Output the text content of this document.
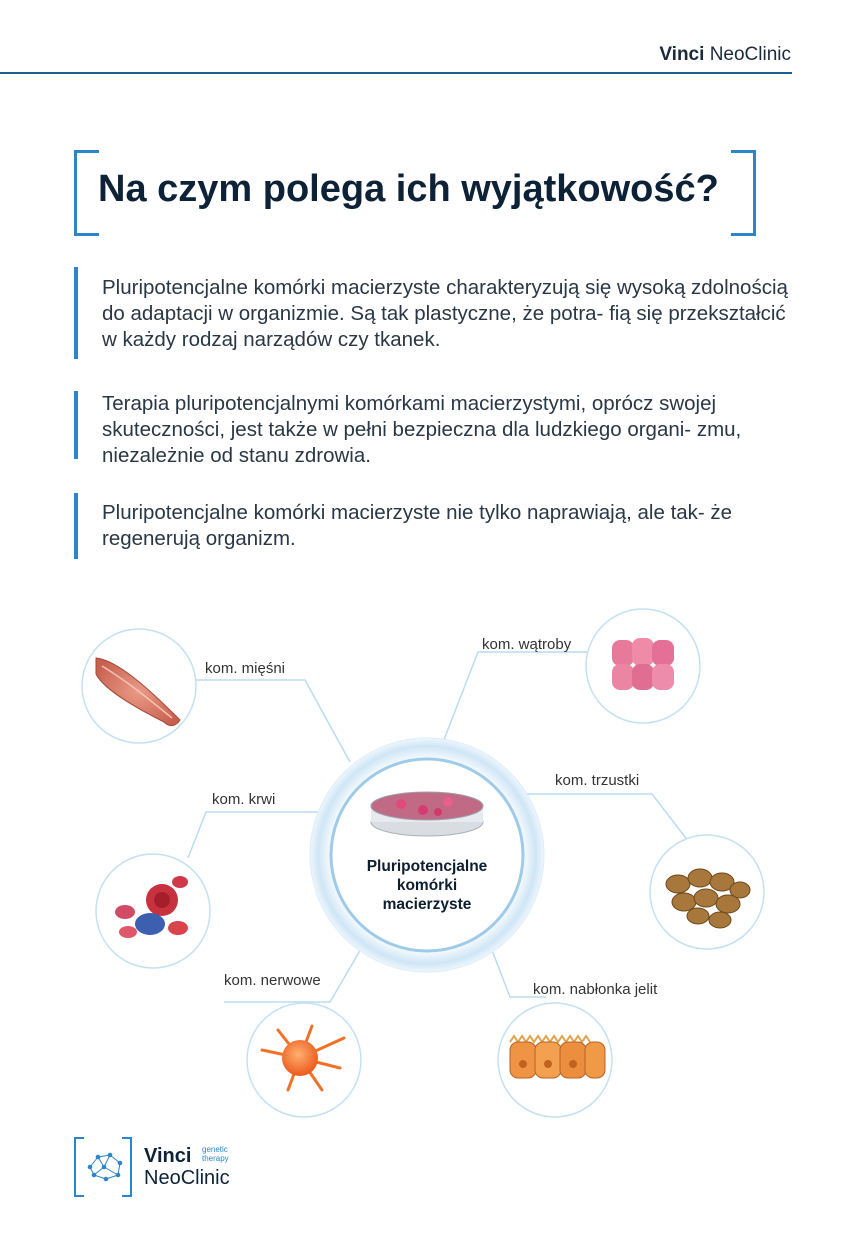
Vinci NeoClinic
Na czym polega ich wyjątkowość?
Pluripotencjalne komórki macierzyste charakteryzują się wysoką zdolnością do adaptacji w organizmie. Są tak plastyczne, że potra- fią się przekształcić w każdy rodzaj narządów czy tkanek.
Terapia pluripotencjalnymi komórkami macierzystymi, oprócz swojej skuteczności, jest także w pełni bezpieczna dla ludzkiego organi- zmu, niezależnie od stanu zdrowia.
Pluripotencjalne komórki macierzyste nie tylko naprawiają, ale tak- że regenerują organizm.
Pluripotencjalne
komórki
macierzyste
kom. mięśni
kom. wątroby
kom. krwi
kom. trzustki
kom. nerwowe
kom. nabłonka jelit
Vinci genetic
therapy
NeoClinic
